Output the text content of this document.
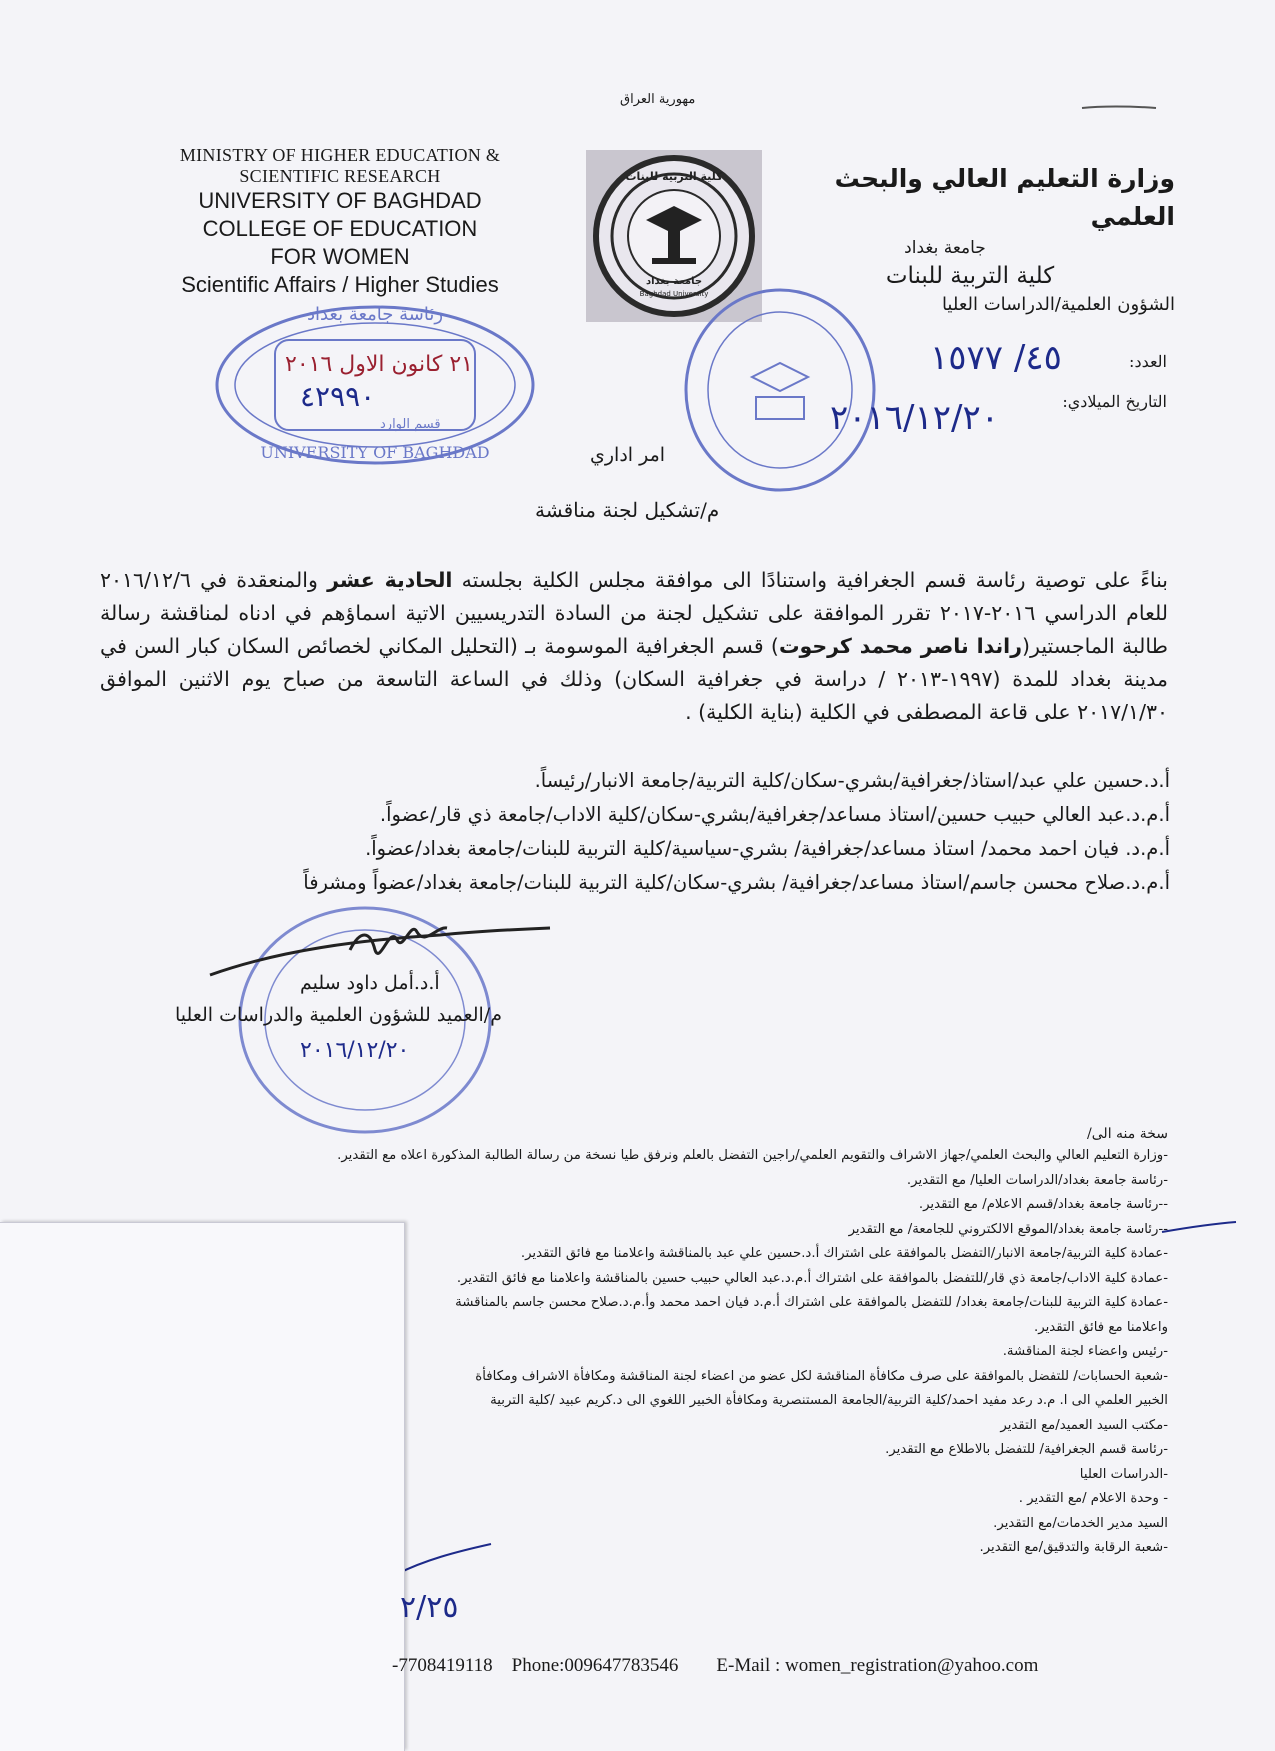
مهورية العراق
MINISTRY OF HIGHER EDUCATION &
SCIENTIFIC RESEARCH
UNIVERSITY OF BAGHDAD
COLLEGE OF EDUCATION
FOR WOMEN
Scientific Affairs / Higher Studies
كلية التربية للبنات
جامعة بغداد
Baghdad University
وزارة التعليم العالي والبحث العلمي
جامعة بغداد
كلية التربية للبنات
الشؤون العلمية/الدراسات العليا
رئاسة جامعة بغداد
UNIVERSITY OF BAGHDAD
٢١ كانون الاول ٢٠١٦
٤٢٩٩٠
قسم الوارد
العدد:
٤٥/ ١٥٧٧
التاريخ الميلادي:
٢٠١٦/١٢/٢٠
امر اداري
م/تشكيل لجنة مناقشة
بناءً على توصية رئاسة قسم الجغرافية واستنادًا الى موافقة مجلس الكلية بجلسته الحادية عشر والمنعقدة في ٢٠١٦/١٢/٦ للعام الدراسي ٢٠١٦-٢٠١٧ تقرر الموافقة على تشكيل لجنة من السادة التدريسيين الاتية اسماؤهم في ادناه لمناقشة رسالة طالبة الماجستير(راندا ناصر محمد كرحوت) قسم الجغرافية الموسومة بـ (التحليل المكاني لخصائص السكان كبار السن في مدينة بغداد للمدة (١٩٩٧-٢٠١٣ / دراسة في جغرافية السكان) وذلك في الساعة التاسعة من صباح يوم الاثنين الموافق ٢٠١٧/١/٣٠ على قاعة المصطفى في الكلية (بناية الكلية) .
أ.د.حسين علي عبد/استاذ/جغرافية/بشري-سكان/كلية التربية/جامعة الانبار/رئيساً.
أ.م.د.عبد العالي حبيب حسين/استاذ مساعد/جغرافية/بشري-سكان/كلية الاداب/جامعة ذي قار/عضواً.
أ.م.د. فيان احمد محمد/ استاذ مساعد/جغرافية/ بشري-سياسية/كلية التربية للبنات/جامعة بغداد/عضواً.
أ.م.د.صلاح محسن جاسم/استاذ مساعد/جغرافية/ بشري-سكان/كلية التربية للبنات/جامعة بغداد/عضواً ومشرفاً
أ.د.أمل داود سليم
م/العميد للشؤون العلمية والدراسات العليا
٢٠١٦/١٢/٢٠
سخة منه الى/
-وزارة التعليم العالي والبحث العلمي/جهاز الاشراف والتقويم العلمي/راجين التفضل بالعلم ونرفق طيا نسخة من رسالة الطالبة المذكورة اعلاه مع التقدير.
-رئاسة جامعة بغداد/الدراسات العليا/ مع التقدير.
--رئاسة جامعة بغداد/قسم الاعلام/ مع التقدير.
--رئاسة جامعة بغداد/الموقع الالكتروني للجامعة/ مع التقدير
-عمادة كلية التربية/جامعة الانبار/التفضل بالموافقة على اشتراك أ.د.حسين علي عبد بالمناقشة واعلامنا مع فائق التقدير.
-عمادة كلية الاداب/جامعة ذي قار/للتفضل بالموافقة على اشتراك أ.م.د.عبد العالي حبيب حسين بالمناقشة واعلامنا مع فائق التقدير.
-عمادة كلية التربية للبنات/جامعة بغداد/ للتفضل بالموافقة على اشتراك أ.م.د فيان احمد محمد وأ.م.د.صلاح محسن جاسم بالمناقشة
واعلامنا مع فائق التقدير.
-رئيس واعضاء لجنة المناقشة.
-شعبة الحسابات/ للتفضل بالموافقة على صرف مكافأة المناقشة لكل عضو من اعضاء لجنة المناقشة ومكافأة الاشراف ومكافأة
الخبير العلمي الى ا. م.د رعد مفيد احمد/كلية التربية/الجامعة المستنصرية ومكافأة الخبير اللغوي الى د.كريم عبيد /كلية التربية
-مكتب السيد العميد/مع التقدير
-رئاسة قسم الجغرافية/ للتفضل بالاطلاع مع التقدير.
-الدراسات العليا
- وحدة الاعلام /مع التقدير .
السيد مدير الخدمات/مع التقدير.
-شعبة الرقابة والتدقيق/مع التقدير.
٢/٢٥
-7708419118    Phone:009647783546        E-Mail : women_registration@yahoo.com
